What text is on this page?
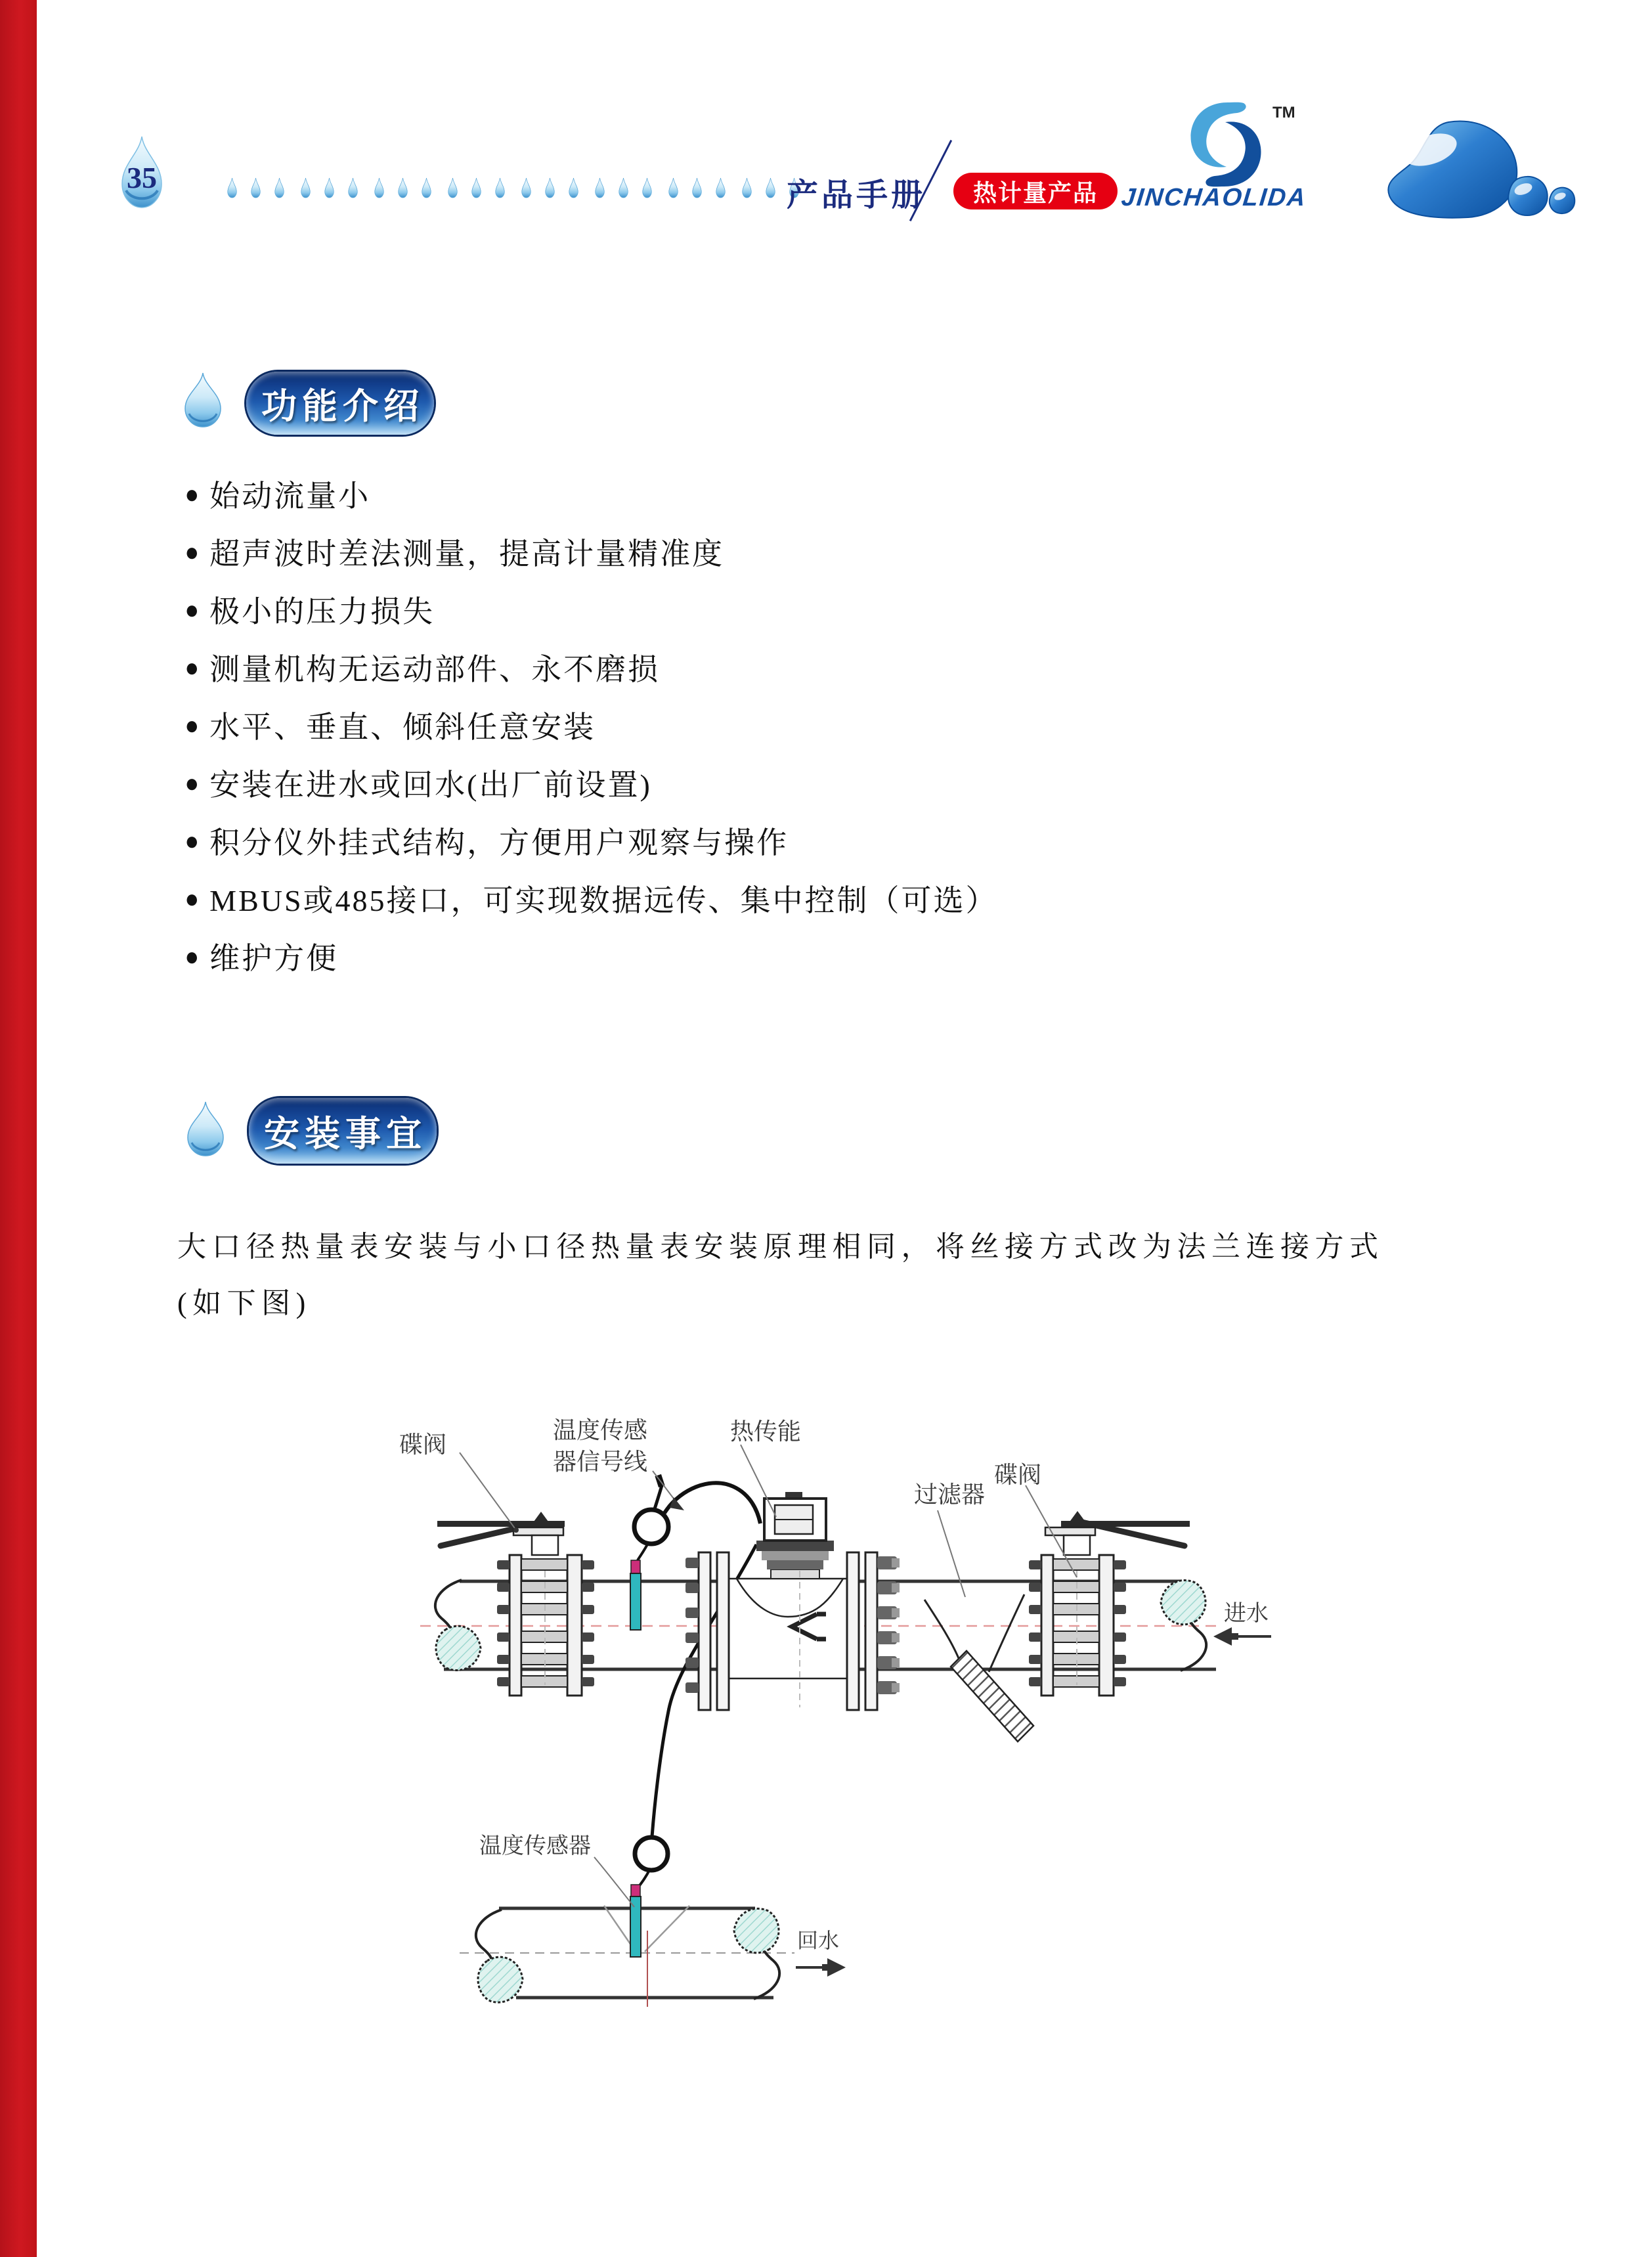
35

产品手册 热计量产品
TM
JINCHAOLIDA
功能介绍
● 始动流量小
● 超声波时差法测量，提高计量精准度
● 极小的压力损失
● 测量机构无运动部件、永不磨损
● 水平、垂直、倾斜任意安装
● 安装在进水或回水(出厂前设置)
● 积分仪外挂式结构，方便用户观察与操作
● MBUS或485接口，可实现数据远传、集中控制（可选）
● 维护方便
安装事宜
大口径热量表安装与小口径热量表安装原理相同，将丝接方式改为法兰连接方式
(如下图)
碟阀
温度传感
器信号线
热传能
过滤器
碟阀
进水
温度传感器
回水
